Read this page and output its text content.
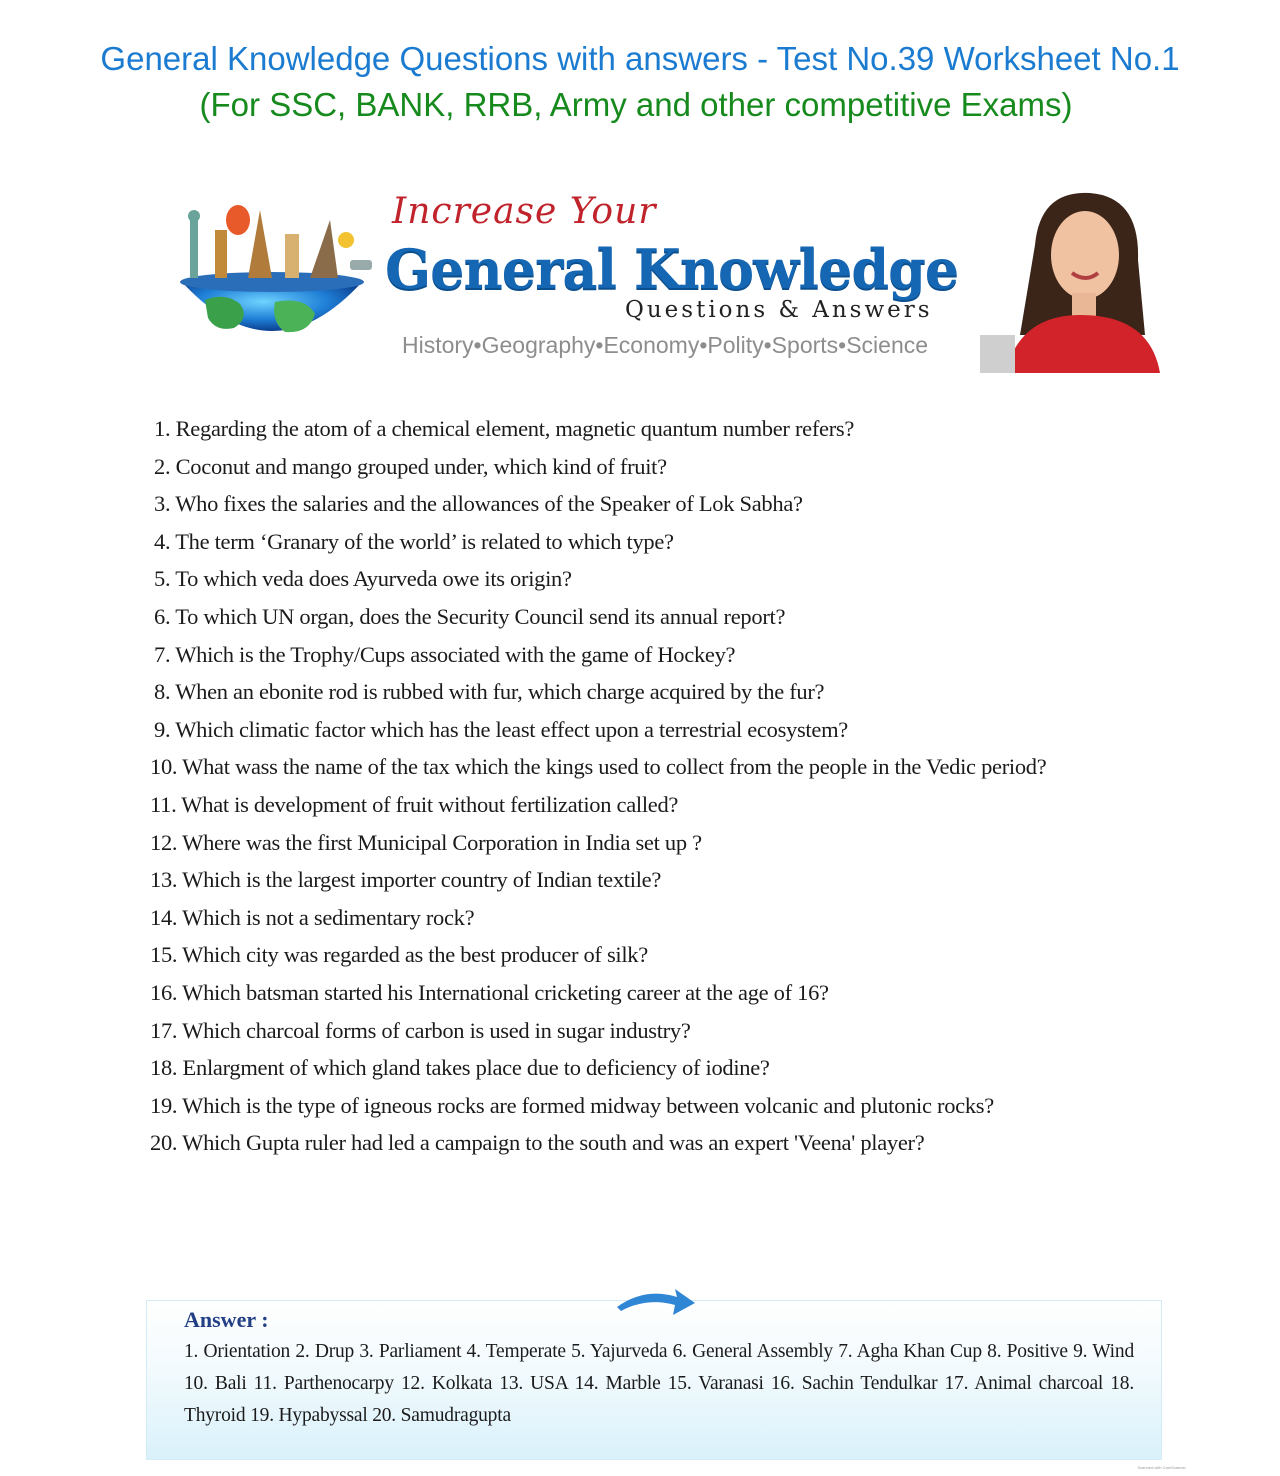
General Knowledge Questions with answers - Test No.39 Worksheet No.1
(For SSC, BANK, RRB, Army and other competitive Exams)
Increase Your
General Knowledge
Questions & Answers
History•Geography•Economy•Polity•Sports•Science
1. Regarding the atom of a chemical element, magnetic quantum number refers?
2. Coconut and mango grouped under, which kind of fruit?
3. Who fixes the salaries and the allowances of the Speaker of Lok Sabha?
4. The term ‘Granary of the world’ is related to which type?
5. To which veda does Ayurveda owe its origin?
6. To which UN organ, does the Security Council send its annual report?
7. Which is the Trophy/Cups associated with the game of Hockey?
8. When an ebonite rod is rubbed with fur, which charge acquired by the fur?
9. Which climatic factor which has the least effect upon a terrestrial ecosystem?
10. What wass the name of the tax which the kings used to collect from the people in the Vedic period?
11. What is development of fruit without fertilization called?
12. Where was the first Municipal Corporation in India set up ?
13. Which is the largest importer country of Indian textile?
14. Which is not a sedimentary rock?
15. Which city was regarded as the best producer of silk?
16. Which batsman started his International cricketing career at the age of 16?
17. Which charcoal forms of carbon is used in sugar industry?
18. Enlargment of which gland takes place due to deficiency of iodine?
19. Which is the type of igneous rocks are formed midway between volcanic and plutonic rocks?
20. Which Gupta ruler had led a campaign to the south and was an expert 'Veena' player?
Answer :
1. Orientation 2. Drup 3. Parliament 4. Temperate 5. Yajurveda 6. General Assembly 7. Agha Khan Cup 8. Positive 9. Wind 10. Bali 11. Parthenocarpy 12. Kolkata 13. USA 14. Marble 15. Varanasi 16. Sachin Tendulkar 17. Animal charcoal 18. Thyroid 19. Hypabyssal 20. Samudragupta
Scanned with CamScanner
